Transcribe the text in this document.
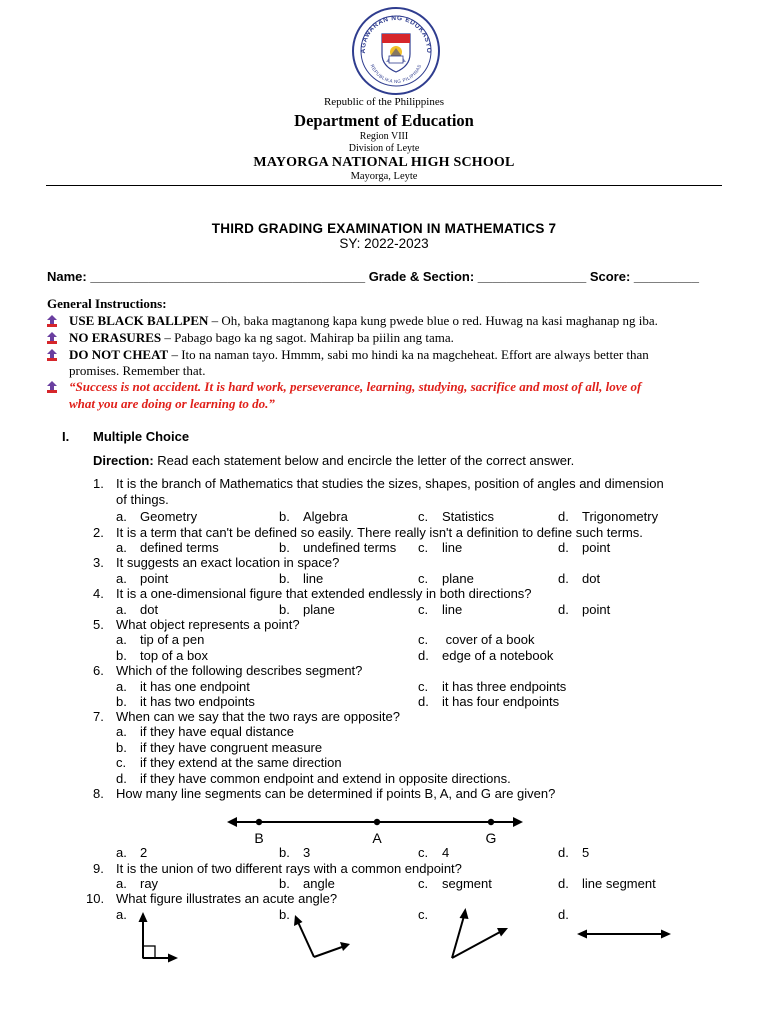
AGAWARAN NG EDUKASYO
REPUBLIKA NG PILIPINAS
Republic of the Philippines
Department of Education
Region VIII
Division of Leyte
MAYORGA NATIONAL HIGH SCHOOL
Mayorga, Leyte
THIRD GRADING EXAMINATION IN MATHEMATICS 7
SY: 2022-2023
Name: ______________________________________ Grade & Section: _______________ Score: _________
General Instructions:
USE BLACK BALLPEN – Oh, baka magtanong kapa kung pwede blue o red. Huwag na kasi maghanap ng iba.
NO ERASURES – Pabago bago ka ng sagot. Mahirap ba piilin ang tama.
DO NOT CHEAT – Ito na naman tayo. Hmmm, sabi mo hindi ka na magcheheat. Effort are always better than
promises. Remember that.
“Success is not accident. It is hard work, perseverance, learning, studying, sacrifice and most of all, love of
what you are doing or learning to do.”
I. Multiple Choice
Direction: Read each statement below and encircle the letter of the correct answer.
1. It is the branch of Mathematics that studies the sizes, shapes, position of angles and dimension
of things.
a. Geometry	b. Algebra	c. Statistics	d. Trigonometry
2. It is a term that can't be defined so easily. There really isn't a definition to define such terms.
a. defined terms	b. undefined terms c. line	d. point
3. It suggests an exact location in space?
a. point	b. line	c. plane	d. dot
4. It is a one-dimensional figure that extended endlessly in both directions?
a. dot	b. plane	c. line	d. point
5. What object represents a point?
a. tip of a pen	c. cover of a book
b. top of a box	d. edge of a notebook
6. Which of the following describes segment?
a. it has one endpoint	c. it has three endpoints
b. it has two endpoints	d. it has four endpoints
7. When can we say that the two rays are opposite?
a. if they have equal distance
b. if they have congruent measure
c. if they extend at the same direction
d. if they have common endpoint and extend in opposite directions.
8. How many line segments can be determined if points B, A, and G are given?
B	A	G
a. 2	b. 3	c. 4	d. 5
9. It is the union of two different rays with a common endpoint?
a. ray	b. angle	c. segment	d. line segment
10. What figure illustrates an acute angle?
a.	b.	c.	d.
